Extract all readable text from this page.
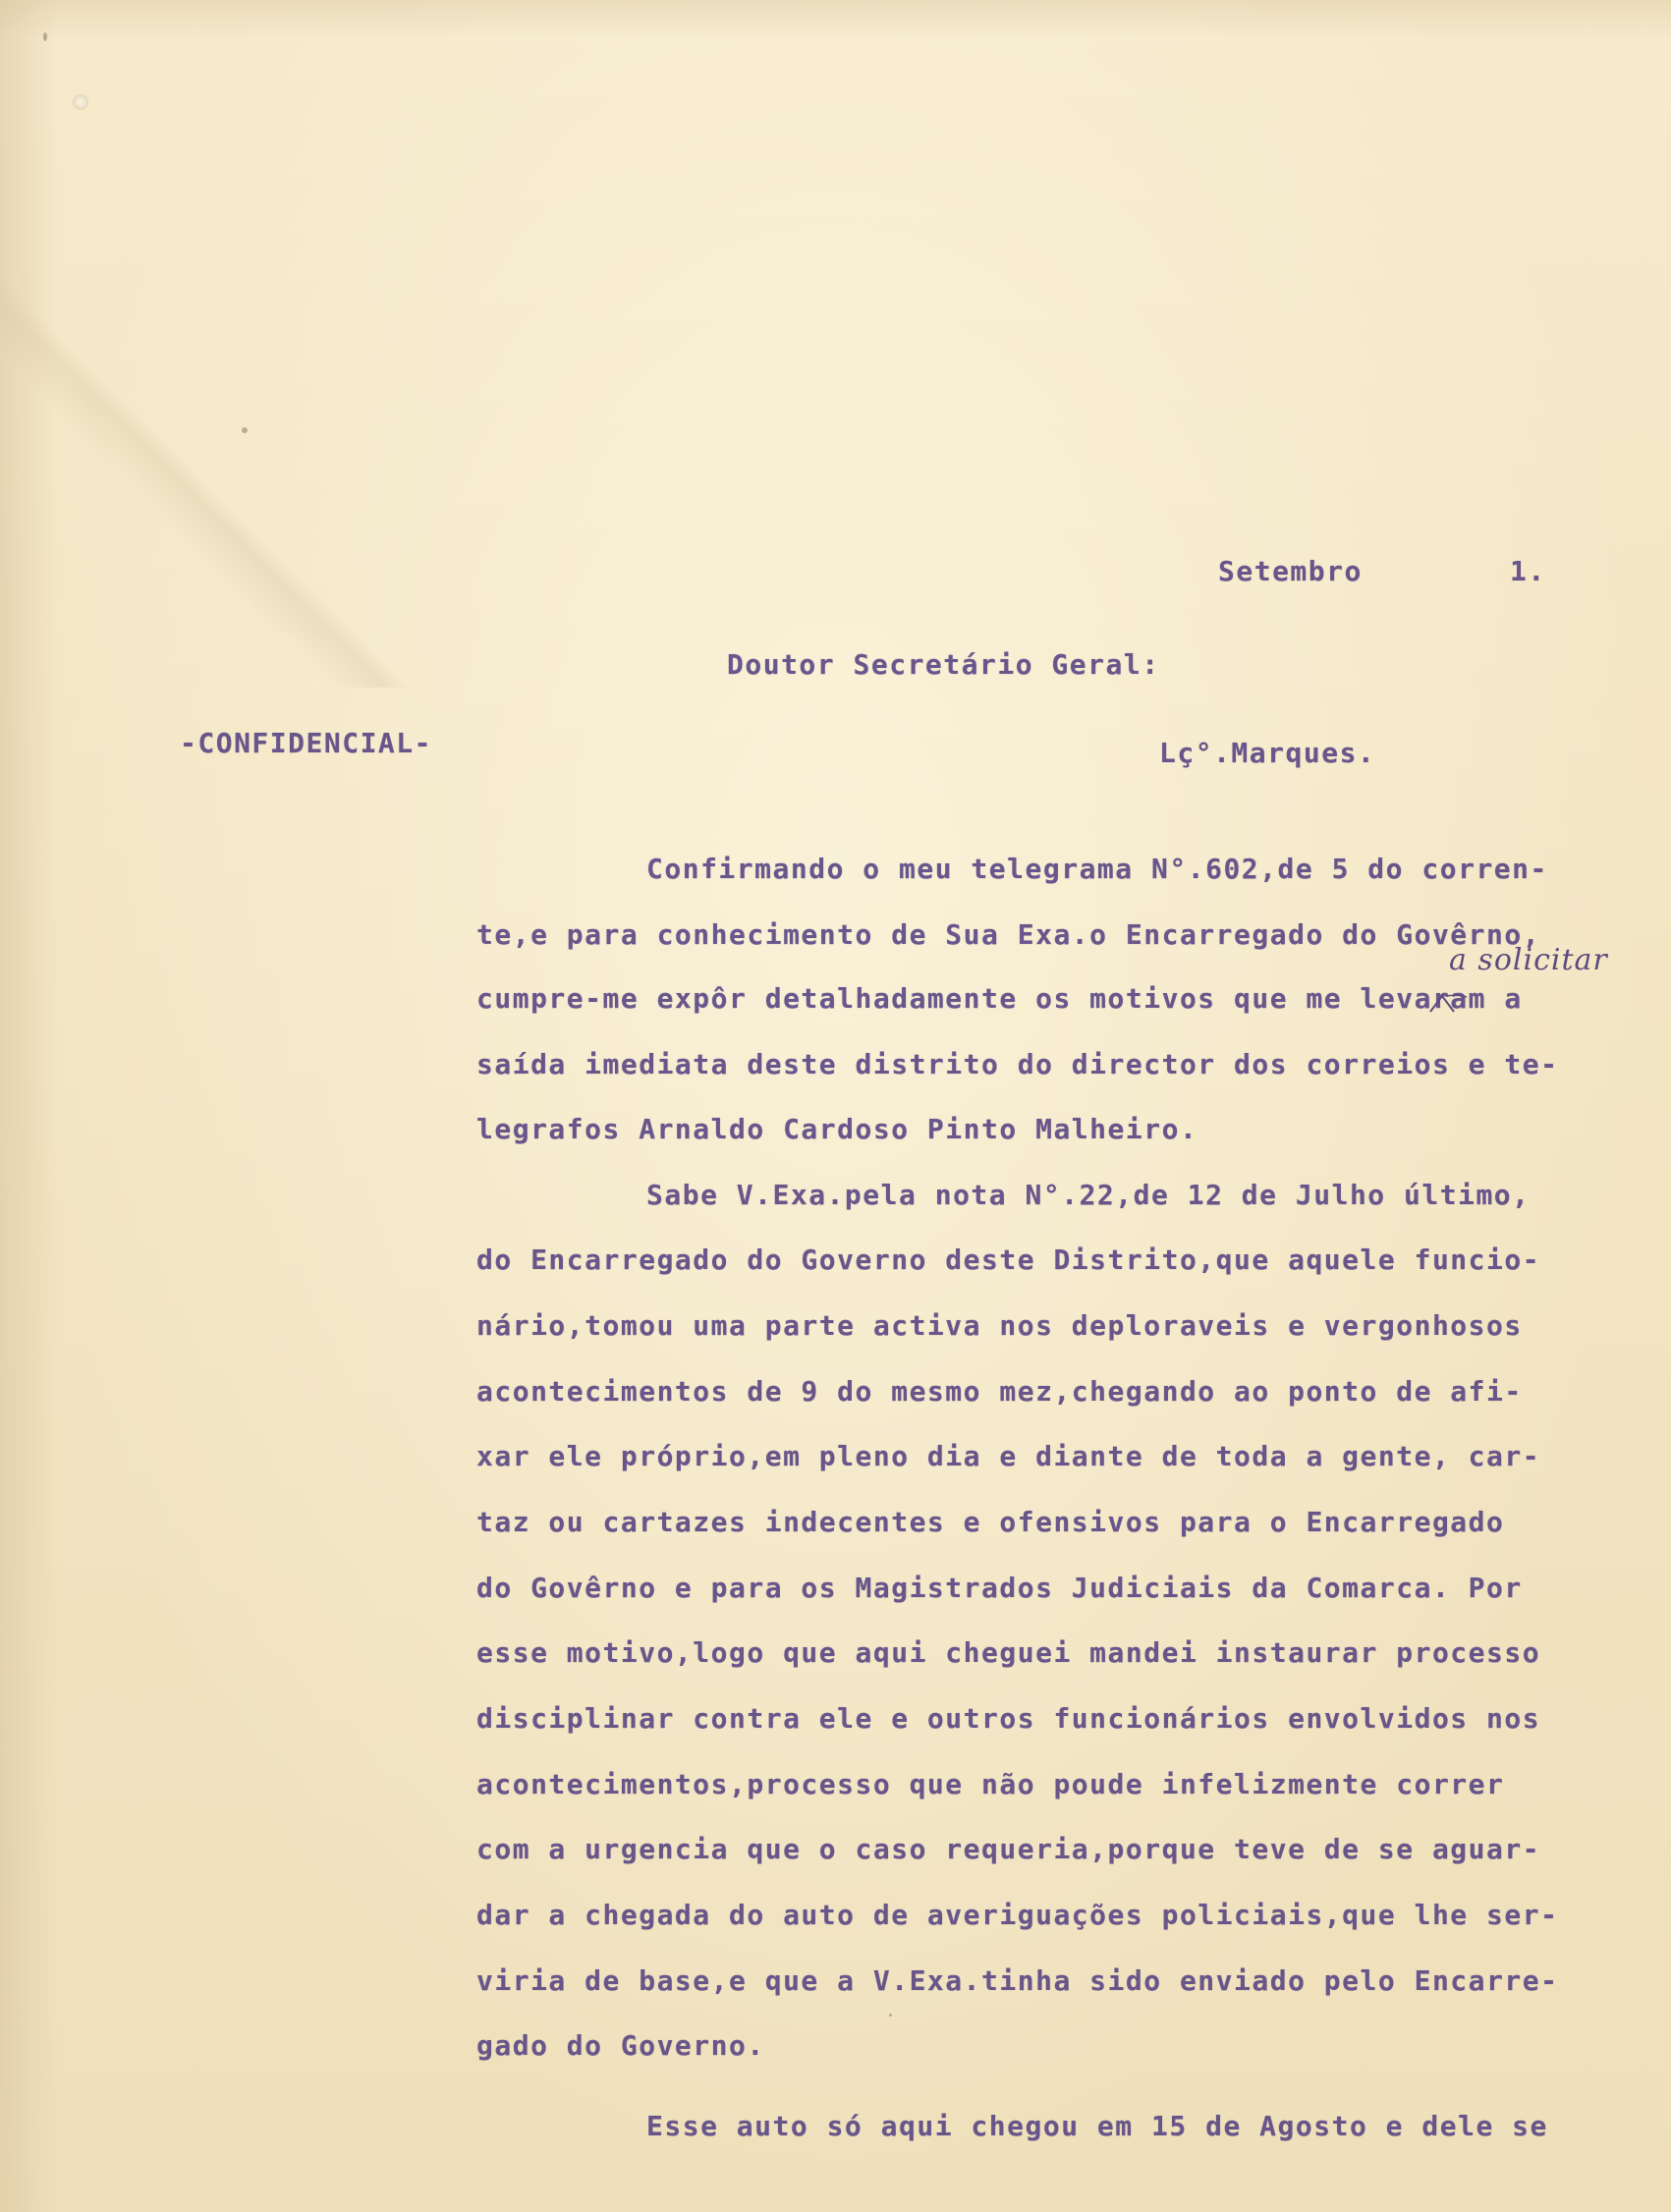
Setembro	1.
Doutor Secretário Geral:
-CONFIDENCIAL-	Lç°.Marques.
a solicitar
Confirmando o meu telegrama N°.602,de 5 do corren-
te,e para conhecimento de Sua Exa.o Encarregado do Govêrno,
cumpre-me expôr detalhadamente os motivos que me levaram a
saída imediata deste distrito do director dos correios e te-
legrafos Arnaldo Cardoso Pinto Malheiro.
Sabe V.Exa.pela nota N°.22,de 12 de Julho último,
do Encarregado do Governo deste Distrito,que aquele funcio-
nário,tomou uma parte activa nos deploraveis e vergonhosos
acontecimentos de 9 do mesmo mez,chegando ao ponto de afi-
xar ele próprio,em pleno dia e diante de toda a gente, car-
taz ou cartazes indecentes e ofensivos para o Encarregado
do Govêrno e para os Magistrados Judiciais da Comarca. Por
esse motivo,logo que aqui cheguei mandei instaurar processo
disciplinar contra ele e outros funcionários envolvidos nos
acontecimentos,processo que não poude infelizmente correr
com a urgencia que o caso requeria,porque teve de se aguar-
dar a chegada do auto de averiguações policiais,que lhe ser-
viria de base,e que a V.Exa.tinha sido enviado pelo Encarre-
gado do Governo.
Esse auto só aqui chegou em 15 de Agosto e dele se
